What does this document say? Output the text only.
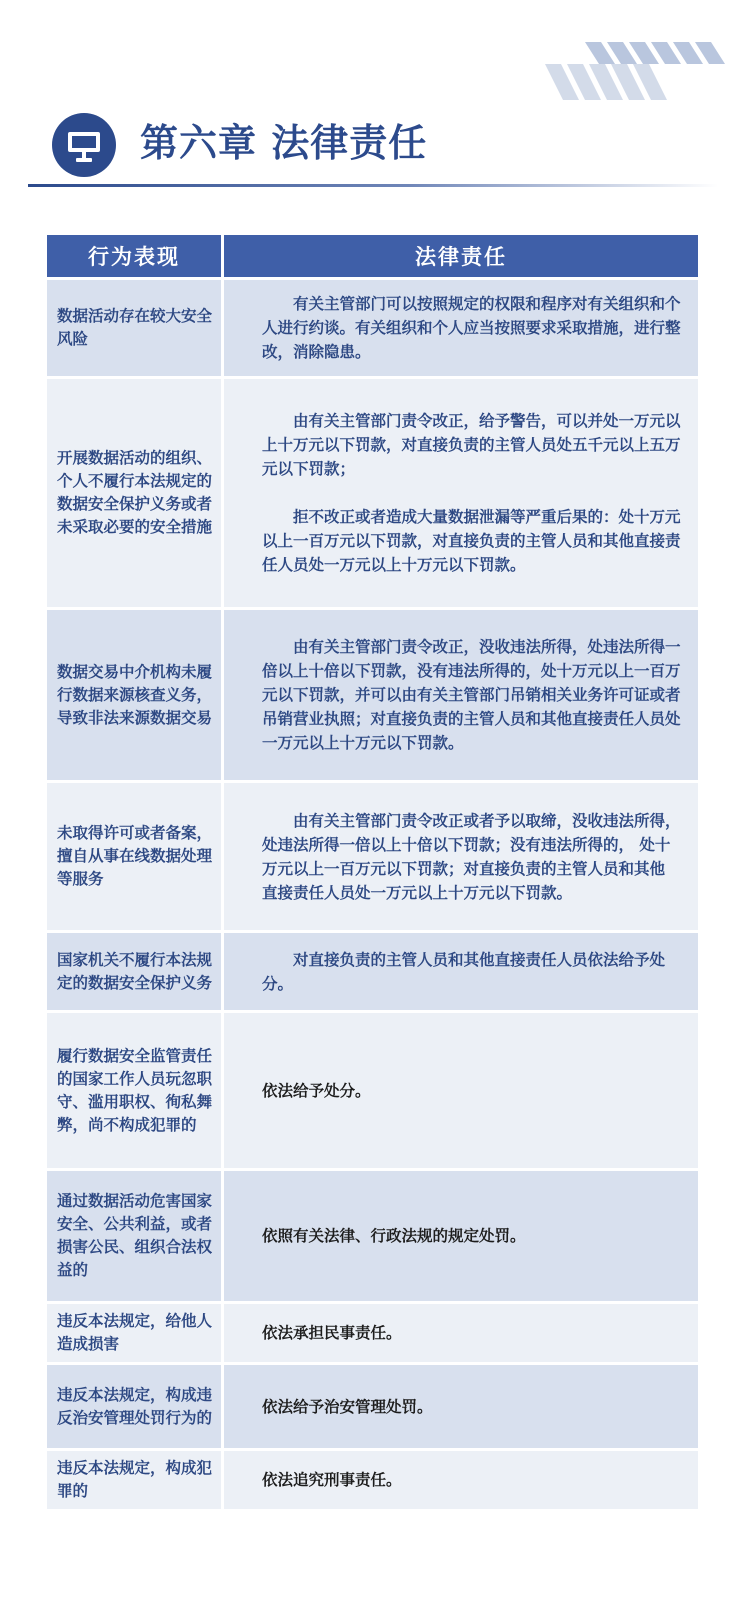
第六章 法律责任
行为表现	法律责任
数据活动存在较大安全风险

有关主管部门可以按照规定的权限和程序对有关组织和个人进行约谈。有关组织和个人应当按照要求采取措施，进行整改，消除隐患。

开展数据活动的组织、个人不履行本法规定的数据安全保护义务或者未采取必要的安全措施

由有关主管部门责令改正，给予警告，可以并处一万元以上十万元以下罚款，对直接负责的主管人员处五千元以上五万元以下罚款；

拒不改正或者造成大量数据泄漏等严重后果的：处十万元以上一百万元以下罚款，对直接负责的主管人员和其他直接责任人员处一万元以上十万元以下罚款。

数据交易中介机构未履行数据来源核查义务，导致非法来源数据交易

由有关主管部门责令改正，没收违法所得，处违法所得一倍以上十倍以下罚款，没有违法所得的，处十万元以上一百万元以下罚款，并可以由有关主管部门吊销相关业务许可证或者吊销营业执照；对直接负责的主管人员和其他直接责任人员处一万元以上十万元以下罚款。

未取得许可或者备案，擅自从事在线数据处理等服务

由有关主管部门责令改正或者予以取缔，没收违法所得，处违法所得一倍以上十倍以下罚款；没有违法所得的， 处十万元以上一百万元以下罚款；对直接负责的主管人员和其他 直接责任人员处一万元以上十万元以下罚款。

国家机关不履行本法规定的数据安全保护义务

对直接负责的主管人员和其他直接责任人员依法给予处分。

履行数据安全监管责任的国家工作人员玩忽职守、滥用职权、徇私舞弊，尚不构成犯罪的

依法给予处分。

通过数据活动危害国家安全、公共利益，或者损害公民、组织合法权益的

依照有关法律、行政法规的规定处罚。

违反本法规定，给他人造成损害

依法承担民事责任。

违反本法规定，构成违反治安管理处罚行为的

依法给予治安管理处罚。

违反本法规定，构成犯罪的

依法追究刑事责任。
